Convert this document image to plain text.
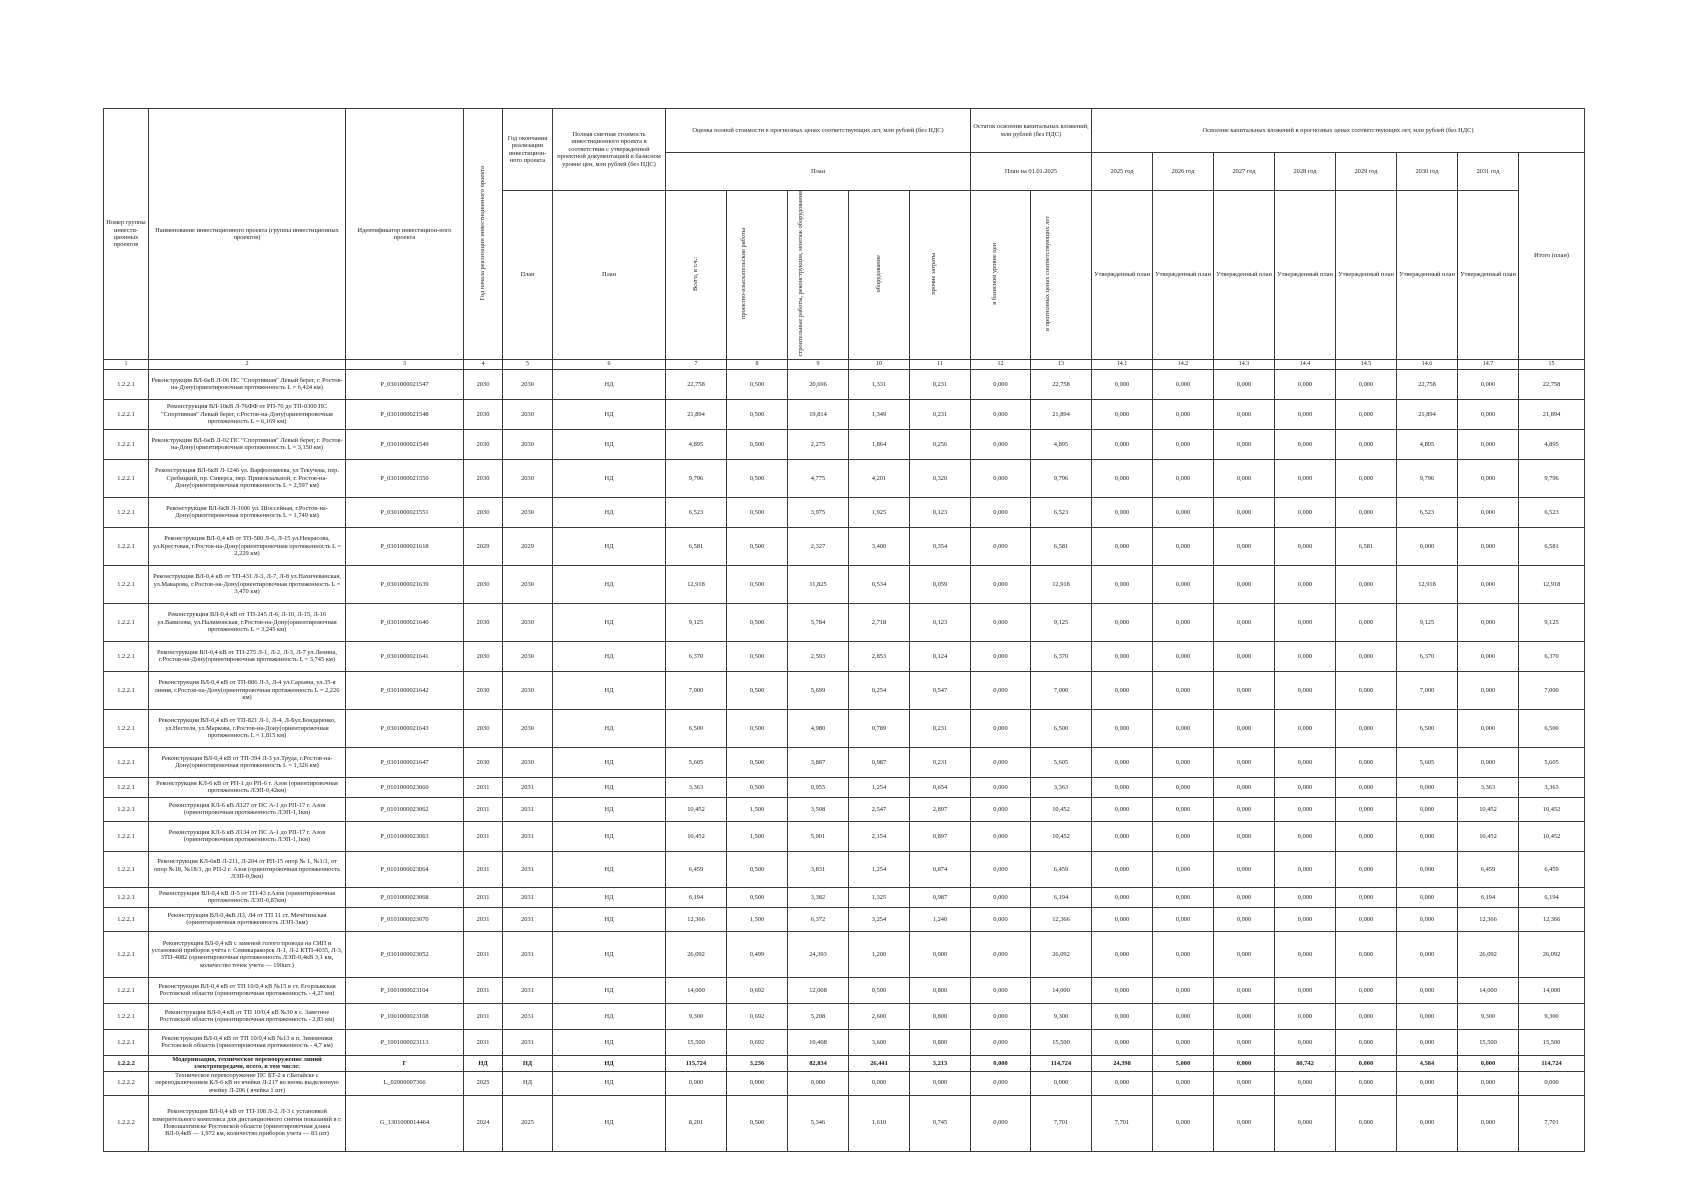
Номер группы инвести-ционных проектов	Наименование инвестиционного проекта (группы инвестиционных проектов)	Идентификатор инвестицион-ного проекта	Год начала реализации инвестиционного проекта	Год окончания реализации инвестицион-ного проекта	Полная сметная стоимость инвестиционного проекта в соответствии с утвержденной проектной документацией в базисном уровне цен, млн рублей (без НДС)	Оценка полной стоимости в прогнозных ценах соответствующих лет, млн рублей (без НДС)					Остаток освоения капитальных вложений, млн рублей (без НДС)		Освоение капитальных вложений в прогнозных ценах соответствующих лет, млн рублей (без НДС)							
						План					План на 01.01.2025		2025 год	2026 год	2027 год	2028 год	2029 год	2030 год	2031 год	Итого (план)
				План	План	Всего, в т.ч.:	проектно-изыскательские работы	строительные работы, реконструкция, монтаж оборудования	оборудование	прочие затраты	в базисном уровне цен	в прогнозных ценах соответствующих лет	Утвержденный план	Утвержденный план	Утвержденный план	Утвержденный план	Утвержденный план	Утвержденный план	Утвержденный план	
1	2	3	4	5	6	7	8	9	10	11	12	13	14.1	14.2	14.3	14.4	14.5	14.6	14.7	15
1.2.2.1	Реконструкция ВЛ-6кВ Л-06 ПС "Спортивная" Левый берег, г. Ростов-на-Дону(ориентировочная протяженность L = 6,424 км)	P_0301000021547	2030	2030	НД	22,758	0,500	20,696	1,331	0,231	0,000	22,758	0,000	0,000	0,000	0,000	0,000	22,758	0,000	22,758
1.2.2.1	Реконструкция ВЛ-10кВ Л-76ФФ от РП-76 до ТП-0300 ПС "Спортивная" Левый берег, г.Ростов-на-Дону(ориентировочная протяженность L = 6,169 км)	P_0301000021548	2030	2030	НД	21,894	0,500	19,814	1,349	0,231	0,000	21,894	0,000	0,000	0,000	0,000	0,000	21,894	0,000	21,894
1.2.2.1	Реконструкция ВЛ-6кВ Л-02 ПС "Спортивная" Левый берег, г. Ростов-на-Дону(ориентировочная протяженность L = 3,150 км)	P_0301000021549	2030	2030	НД	4,895	0,500	2,275	1,864	0,256	0,000	4,895	0,000	0,000	0,000	0,000	0,000	4,895	0,000	4,895
1.2.2.1	Реконструкция ВЛ-6кВ Л-1246 ул. Варфоломеева, ул Текучева, пер. Сребицкий, пр. Сиверса, пер. Привокзальной, г. Ростов-на-Дону(ориентировочная протяженность L = 2,597 км)	P_0301000021550	2030	2030	НД	9,796	0,500	4,775	4,201	0,320	0,000	9,796	0,000	0,000	0,000	0,000	0,000	9,796	0,000	9,796
1.2.2.1	Реконструкция ВЛ-6кВ Л-1606 ул. Шоссейная, г.Ростов-на-Дону(ориентировочная протяженность L = 1,749 км)	P_0301000021551	2030	2030	НД	6,523	0,500	3,975	1,925	0,123	0,000	6,523	0,000	0,000	0,000	0,000	0,000	6,523	0,000	6,523
1.2.2.1	Реконструкция ВЛ-0,4 кВ от ТП-580 Л-6, Л-15 ул.Некрасова, ул.Крестовая, г.Ростов-на-Дону(ориентировочная протяженность L = 2,229 км)	P_0301000021618	2029	2029	НД	6,581	0,500	2,327	3,400	0,354	0,000	6,581	0,000	0,000	0,000	0,000	6,581	0,000	0,000	6,581
1.2.2.1	Реконструкция ВЛ-0,4 кВ от ТП-431 Л-3, Л-7, Л-8 ул.Нахичеванская, ул.Макарова, г.Ростов-на-Дону(ориентировочная протяженность L = 3,470 км)	P_0301000021639	2030	2030	НД	12,918	0,500	11,825	0,534	0,059	0,000	12,918	0,000	0,000	0,000	0,000	0,000	12,918	0,000	12,918
1.2.2.1	Реконструкция ВЛ-0,4 кВ от ТП-245 Л-6, Л-10, Л-15, Л-16 ул.Вавилова, ул.Налимовская, г.Ростов-на-Дону(ориентировочная протяженность L = 3,245 км)	P_0301000021640	2030	2030	НД	9,125	0,500	5,784	2,718	0,123	0,000	9,125	0,000	0,000	0,000	0,000	0,000	9,125	0,000	9,125
1.2.2.1	Реконструкция ВЛ-0,4 кВ от ТП-275 Л-1, Л-2, Л-3, Л-7 ул.Ленина, г.Ростов-на-Дону(ориентировочная протяженность L = 3,745 км)	P_0301000021641	2030	2030	НД	6,370	0,500	2,593	2,853	0,124	0,000	6,370	0,000	0,000	0,000	0,000	0,000	6,370	0,000	6,370
1.2.2.1	Реконструкция ВЛ-0,4 кВ от ТП-886 Л-3, Л-4 ул.Сарьяна, ул.35-я линия, г.Ростов-на-Дону(ориентировочная протяженность L = 2,226 км)	P_0301000021642	2030	2030	НД	7,000	0,500	5,699	0,254	0,547	0,000	7,000	0,000	0,000	0,000	0,000	0,000	7,000	0,000	7,000
1.2.2.1	Реконструкция ВЛ-0,4 кВ от ТП-821 Л-1, Л-4, Л-Бул.Бондаренко, ул.Нестеля, ул.Маркова, г.Ростов-на-Дону(ориентировочная протяженность L = 1,815 км)	P_0301000021643	2030	2030	НД	6,500	0,500	4,980	0,789	0,231	0,000	6,500	0,000	0,000	0,000	0,000	0,000	6,500	0,000	6,500
1.2.2.1	Реконструкция ВЛ-0,4 кВ от ТП-394 Л-3 ул.Труда, г.Ростов-на-Дону(ориентировочная протяженность L = 1,326 км)	P_0301000021647	2030	2030	НД	5,605	0,500	3,887	0,987	0,231	0,000	5,605	0,000	0,000	0,000	0,000	0,000	5,605	0,000	5,605
1.2.2.1	Реконструкция КЛ-6 кВ от РП-1 до РП-6 г. Азов (ориентировочная протяженность ЛЭП-0,42км)	P_0101000023060	2031	2031	НД	3,363	0,500	0,955	1,254	0,654	0,000	3,363	0,000	0,000	0,000	0,000	0,000	0,000	3,363	3,363
1.2.2.1	Реконструкция КЛ-6 кВ Л127 от ПС А-1 до РП-17 г. Азов (ориентировочная протяженность ЛЭП-1,1км)	P_0101000023062	2031	2031	НД	10,452	1,500	3,508	2,547	2,897	0,000	10,452	0,000	0,000	0,000	0,000	0,000	0,000	10,452	10,452
1.2.2.1	Реконструкция КЛ-6 кВ Л134 от ПС А-1 до РП-17 г. Азов (ориентировочная протяженность ЛЭП-1,1км)	P_0101000023063	2031	2031	НД	10,452	1,500	5,901	2,154	0,897	0,000	10,452	0,000	0,000	0,000	0,000	0,000	0,000	10,452	10,452
1.2.2.1	Реконструкция КЛ-6кВ Л-211, Л-204 от РП-15 опор № 1, №1/1, от опор №18, №18/1, до РП-2 г. Азов (ориентировочная протяженность ЛЭП-0,9км)	P_0101000023064	2031	2031	НД	6,459	0,500	3,831	1,254	0,874	0,000	6,459	0,000	0,000	0,000	0,000	0,000	0,000	6,459	6,459
1.2.2.1	Реконструкция ВЛ-0,4 кВ Л-5 от ТП-43 г.Азов (ориентировочная протяженность ЛЭП-0,87км)	P_0101000023068	2031	2031	НД	6,194	0,500	3,382	1,325	0,987	0,000	6,194	0,000	0,000	0,000	0,000	0,000	0,000	6,194	6,194
1.2.2.1	Реконструкция ВЛ-0,4кВ Л3, Л4 от ТП 11 ст. Мечётинская (ориентировочная протяженность ЛЭП-3км)	P_0101000023070	2031	2031	НД	12,366	1,500	6,372	3,254	1,240	0,000	12,366	0,000	0,000	0,000	0,000	0,000	0,000	12,366	12,366
1.2.2.1	Реконструкция ВЛ-0,4 кВ с заменой голого провода на СИП и установкой приборов учёта г. Семикаракорск Л-1, Л-2 КТП-4035, Л-3, ЗТП-4082 (ориентировочная протяженность ЛЭП-0,4кВ 3,1 км, количество точек учета — 190шт.)	P_0301000023052	2031	2031	НД	26,092	0,499	24,393	1,200	0,000	0,000	26,092	0,000	0,000	0,000	0,000	0,000	0,000	26,092	26,092
1.2.2.1	Реконструкция ВЛ-0,4 кВ от ТП 10/0,4 кВ №15 в ст. Егорлыкская Ростовской области (ориентировочная протяженность - 4,27 км)	P_1001000023104	2031	2031	НД	14,000	0,692	12,008	0,500	0,800	0,000	14,000	0,000	0,000	0,000	0,000	0,000	0,000	14,000	14,000
1.2.2.1	Реконструкция ВЛ-0,4 кВ от ТП 10/0,4 кВ №30 в с. Заветное Ростовской области (ориентировочная протяженность - 2,83 км)	P_1001000023108	2031	2031	НД	9,300	0,692	5,208	2,600	0,800	0,000	9,300	0,000	0,000	0,000	0,000	0,000	0,000	9,300	9,300
1.2.2.1	Реконструкция ВЛ-0,4 кВ от ТП 10/0,4 кВ №13 в п. Зимовники Ростовской области (ориентировочная протяженность - 4,7 км)	P_1001000023113	2031	2031	НД	15,500	0,692	10,408	3,600	0,800	0,000	15,500	0,000	0,000	0,000	0,000	0,000	0,000	15,500	15,500
1.2.2.2	Модернизация, техническое перевооружение линий электропередачи, всего, в том числе:	Г	НД	НД	НД	115,724	3,236	82,834	26,441	3,213	0,000	114,724	24,398	5,000	0,000	80,742	0,000	4,584	0,000	114,724
1.2.2.2	Техническое перевооружение ПС БТ-2 в г.Батайске с переподключением КЛ-6 кВ из ячейки Л-217 во вновь выделенную ячейку Л-206 ( ячейка 1 шт)	L_02000007366	2025	НД	НД	0,000	0,000	0,000	0,000	0,000	0,000	0,000	0,000	0,000	0,000	0,000	0,000	0,000	0,000	0,000
1.2.2.2	Реконструкция ВЛ-0,4 кВ от ТП-108 Л-2, Л-3 с установкой измерительного комплекса для дистанционного снятия показаний в г. Новошахтинске Ростовской области (ориентировочная длина ВЛ-0,4кВ — 1,972 км, количество приборов учета — 83 шт)	G_1301000014464	2024	2025	НД	8,201	0,500	5,346	1,610	0,745	0,000	7,701	7,701	0,000	0,000	0,000	0,000	0,000	0,000	7,701
